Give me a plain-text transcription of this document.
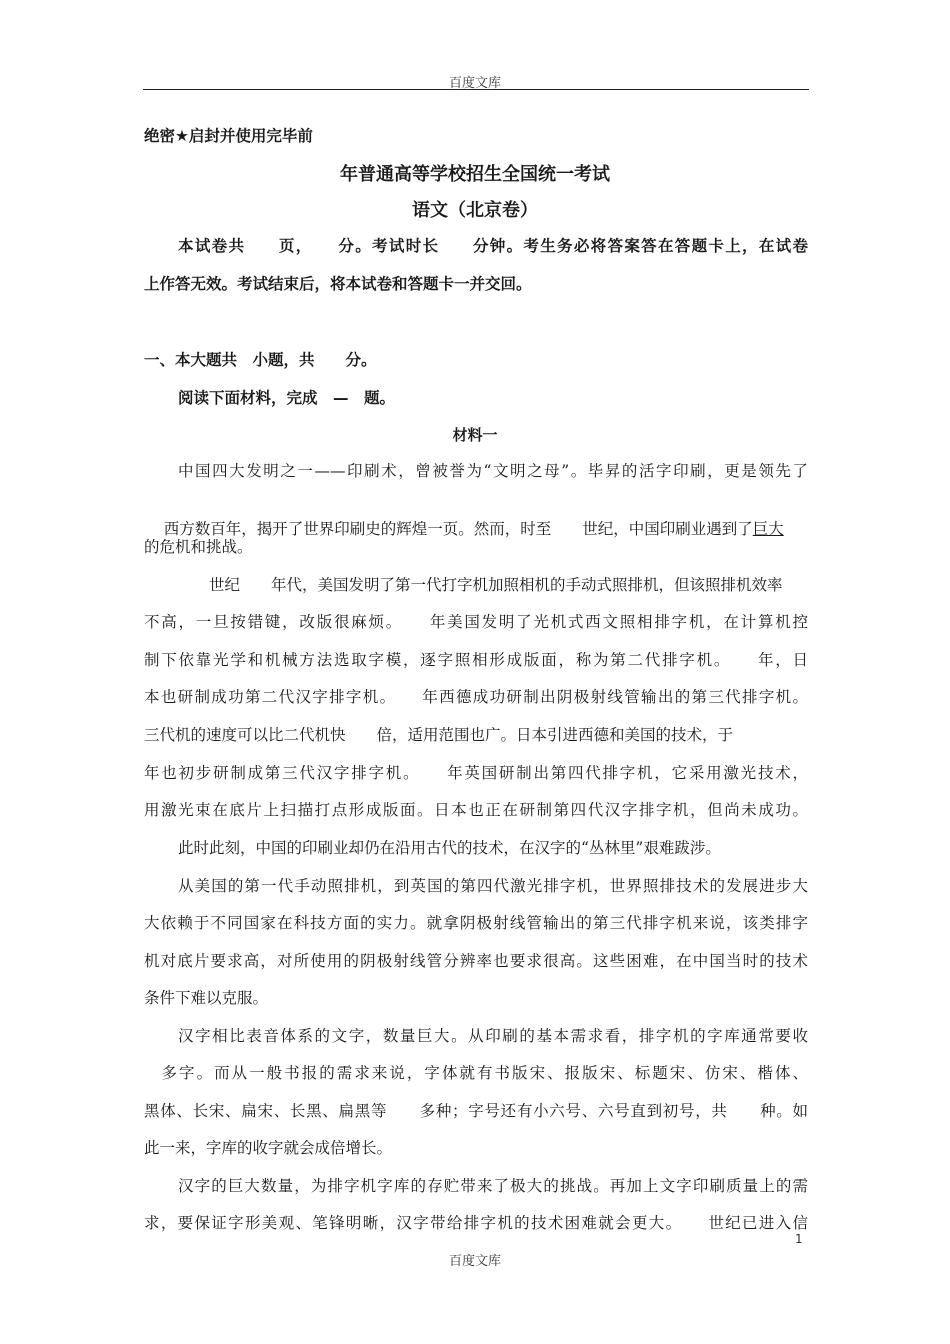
百度文库
绝密★启封并使用完毕前
年普通高等学校招生全国统一考试
语文（北京卷）
本试卷共　　页，　　分。考试时长　　分钟。考生务必将答案答在答题卡上，在试卷
上作答无效。考试结束后，将本试卷和答题卡一并交回。
一、本大题共　小题，共　　分。
阅读下面材料，完成　—　题。
材料一
中国四大发明之一——印刷术，曾被誉为“文明之母”。毕昇的活字印刷，更是领先了

西方数百年，揭开了世界印刷史的辉煌一页。然而，时至　　世纪，中国印刷业遇到了巨大

的危机和挑战。
　　世纪　　年代，美国发明了第一代打字机加照相机的手动式照排机，但该照排机效率
不高，一旦按错键，改版很麻烦。　　年美国发明了光机式西文照相排字机，在计算机控
制下依靠光学和机械方法选取字模，逐字照相形成版面，称为第二代排字机。　　年，日
本也研制成功第二代汉字排字机。　　年西德成功研制出阴极射线管输出的第三代排字机。
三代机的速度可以比二代机快　　倍，适用范围也广。日本引进西德和美国的技术，于
年也初步研制成第三代汉字排字机。　　年英国研制出第四代排字机，它采用激光技术，
用激光束在底片上扫描打点形成版面。日本也正在研制第四代汉字排字机，但尚未成功。
此时此刻，中国的印刷业却仍在沿用古代的技术，在汉字的“丛林里”艰难跋涉。
从美国的第一代手动照排机，到英国的第四代激光排字机，世界照排技术的发展进步大
大依赖于不同国家在科技方面的实力。就拿阴极射线管输出的第三代排字机来说，该类排字
机对底片要求高，对所使用的阴极射线管分辨率也要求很高。这些困难，在中国当时的技术
条件下难以克服。
汉字相比表音体系的文字，数量巨大。从印刷的基本需求看，排字机的字库通常要收
　多字。而从一般书报的需求来说，字体就有书版宋、报版宋、标题宋、仿宋、楷体、
黑体、长宋、扁宋、长黑、扁黑等　　多种；字号还有小六号、六号直到初号，共　　种。如
此一来，字库的收字就会成倍增长。
汉字的巨大数量，为排字机字库的存贮带来了极大的挑战。再加上文字印刷质量上的需
求，要保证字形美观、笔锋明晰，汉字带给排字机的技术困难就会更大。　　世纪已进入信
1
百度文库
